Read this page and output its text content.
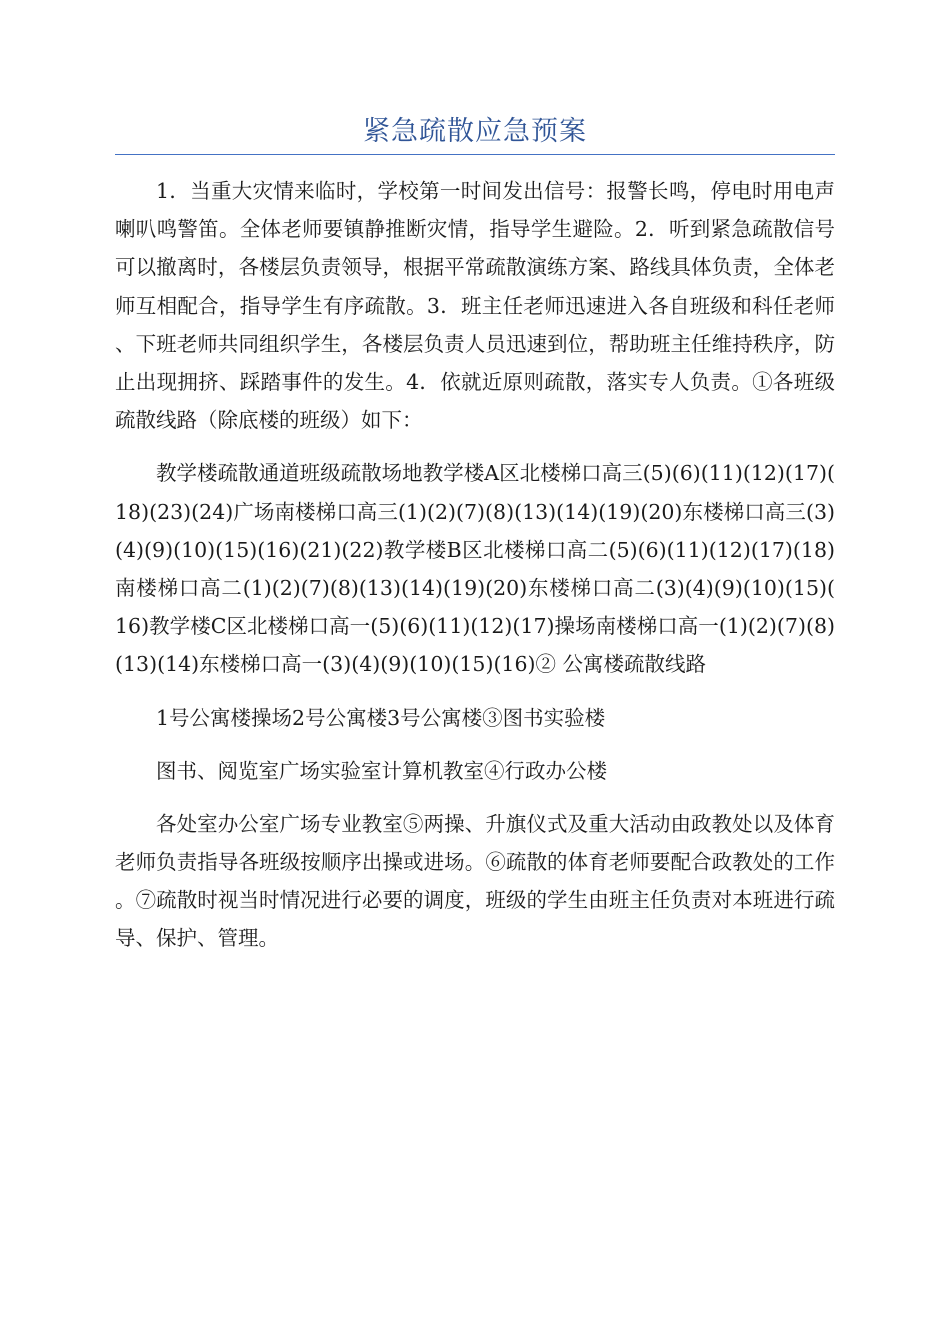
紧急疏散应急预案

1．当重大灾情来临时，学校第一时间发出信号：报警长鸣，停电时用电声喇叭鸣警笛。全体老师要镇静推断灾情，指导学生避险。2．听到紧急疏散信号可以撤离时，各楼层负责领导，根据平常疏散演练方案、路线具体负责，全体老师互相配合，指导学生有序疏散。3．班主任老师迅速进入各自班级和科任老师、下班老师共同组织学生，各楼层负责人员迅速到位，帮助班主任维持秩序，防止出现拥挤、踩踏事件的发生。4．依就近原则疏散，落实专人负责。①各班级疏散线路（除底楼的班级）如下：

教学楼疏散通道班级疏散场地教学楼A区北楼梯口高三(5)(6)(11)(12)(17)(18)(23)(24)广场南楼梯口高三(1)(2)(7)(8)(13)(14)(19)(20)东楼梯口高三(3)(4)(9)(10)(15)(16)(21)(22)教学楼B区北楼梯口高二(5)(6)(11)(12)(17)(18)南楼梯口高二(1)(2)(7)(8)(13)(14)(19)(20)东楼梯口高二(3)(4)(9)(10)(15)(16)教学楼C区北楼梯口高一(5)(6)(11)(12)(17)操场南楼梯口高一(1)(2)(7)(8)(13)(14)东楼梯口高一(3)(4)(9)(10)(15)(16)② 公寓楼疏散线路

1号公寓楼操场2号公寓楼3号公寓楼③图书实验楼

图书、阅览室广场实验室计算机教室④行政办公楼

各处室办公室广场专业教室⑤两操、升旗仪式及重大活动由政教处以及体育老师负责指导各班级按顺序出操或进场。⑥疏散的体育老师要配合政教处的工作。⑦疏散时视当时情况进行必要的调度，班级的学生由班主任负责对本班进行疏导、保护、管理。
